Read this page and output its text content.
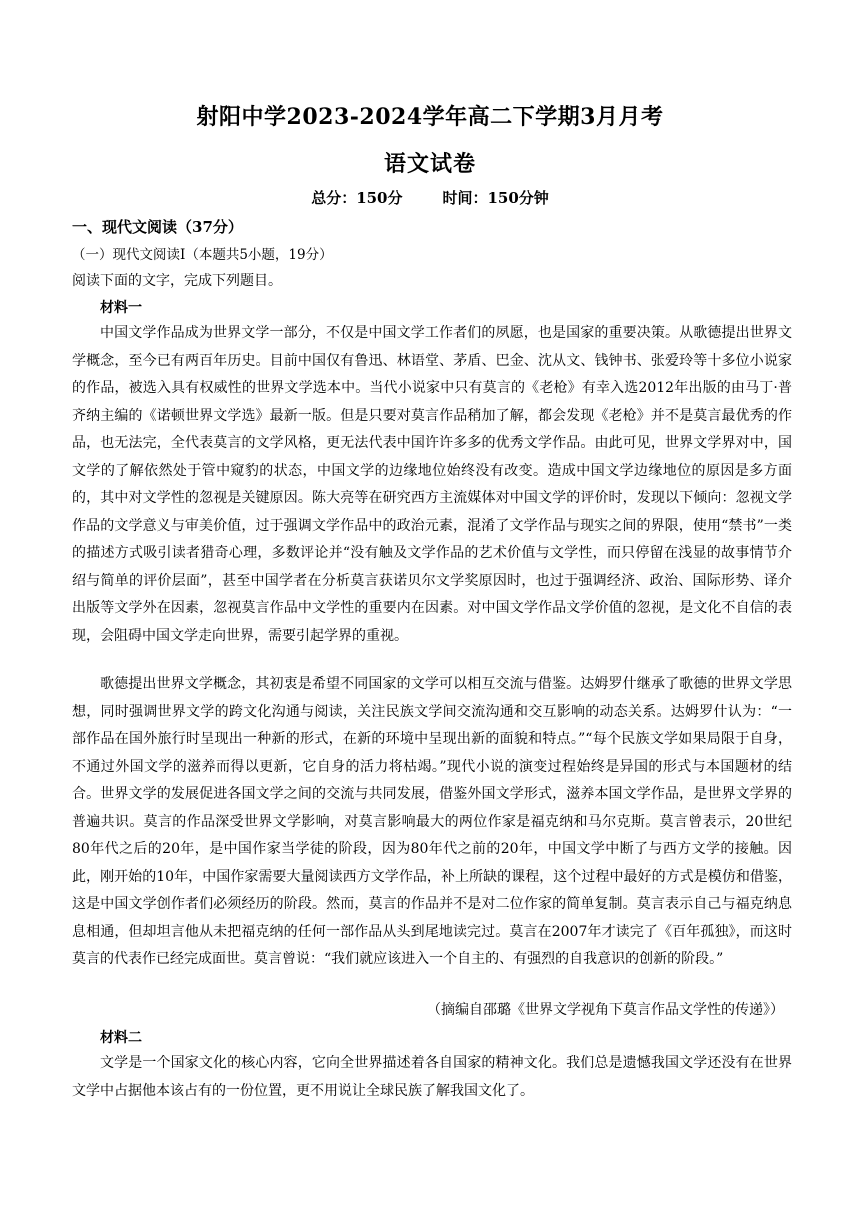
射阳中学2023-2024学年高二下学期3月月考
语文试卷
总分：150分	时间：150分钟
一、现代文阅读（37分）
（一）现代文阅读Ⅰ（本题共5小题，19分）
阅读下面的文字，完成下列题目。
材料一

中国文学作品成为世界文学一部分，不仅是中国文学工作者们的夙愿，也是国家的重要决策。从歌德提出世界文学概念，至今已有两百年历史。目前中国仅有鲁迅、林语堂、茅盾、巴金、沈从文、钱钟书、张爱玲等十多位小说家的作品，被选入具有权威性的世界文学选本中。当代小说家中只有莫言的《老枪》有幸入选2012年出版的由马丁·普齐纳主编的《诺顿世界文学选》最新一版。但是只要对莫言作品稍加了解，都会发现《老枪》并不是莫言最优秀的作品，也无法完，全代表莫言的文学风格，更无法代表中国许许多多的优秀文学作品。由此可见，世界文学界对中，国文学的了解依然处于管中窥豹的状态，中国文学的边缘地位始终没有改变。造成中国文学边缘地位的原因是多方面的，其中对文学性的忽视是关键原因。陈大亮等在研究西方主流媒体对中国文学的评价时，发现以下倾向：忽视文学作品的文学意义与审美价值，过于强调文学作品中的政治元素，混淆了文学作品与现实之间的界限，使用“禁书”一类的描述方式吸引读者猎奇心理，多数评论并“没有触及文学作品的艺术价值与文学性，而只停留在浅显的故事情节介绍与简单的评价层面”，甚至中国学者在分析莫言获诺贝尔文学奖原因时，也过于强调经济、政治、国际形势、译介出版等文学外在因素，忽视莫言作品中文学性的重要内在因素。对中国文学作品文学价值的忽视，是文化不自信的表现，会阻碍中国文学走向世界，需要引起学界的重视。

歌德提出世界文学概念，其初衷是希望不同国家的文学可以相互交流与借鉴。达姆罗什继承了歌德的世界文学思想，同时强调世界文学的跨文化沟通与阅读，关注民族文学间交流沟通和交互影响的动态关系。达姆罗什认为：“一部作品在国外旅行时呈现出一种新的形式，在新的环境中呈现出新的面貌和特点。”“每个民族文学如果局限于自身，不通过外国文学的滋养而得以更新，它自身的活力将枯竭。”现代小说的演变过程始终是异国的形式与本国题材的结合。世界文学的发展促进各国文学之间的交流与共同发展，借鉴外国文学形式，滋养本国文学作品，是世界文学界的普遍共识。莫言的作品深受世界文学影响，对莫言影响最大的两位作家是福克纳和马尔克斯。莫言曾表示，20世纪80年代之后的20年，是中国作家当学徒的阶段，因为80年代之前的20年，中国文学中断了与西方文学的接触。因此，刚开始的10年，中国作家需要大量阅读西方文学作品，补上所缺的课程，这个过程中最好的方式是模仿和借鉴，这是中国文学创作者们必须经历的阶段。然而，莫言的作品并不是对二位作家的简单复制。莫言表示自己与福克纳息息相通，但却坦言他从未把福克纳的任何一部作品从头到尾地读完过。莫言在2007年才读完了《百年孤独》，而这时莫言的代表作已经完成面世。莫言曾说：“我们就应该进入一个自主的、有强烈的自我意识的创新的阶段。”

（摘编自邵璐《世界文学视角下莫言作品文学性的传递》）
材料二

文学是一个国家文化的核心内容，它向全世界描述着各自国家的精神文化。我们总是遗憾我国文学还没有在世界文学中占据他本该占有的一份位置，更不用说让全球民族了解我国文化了。
